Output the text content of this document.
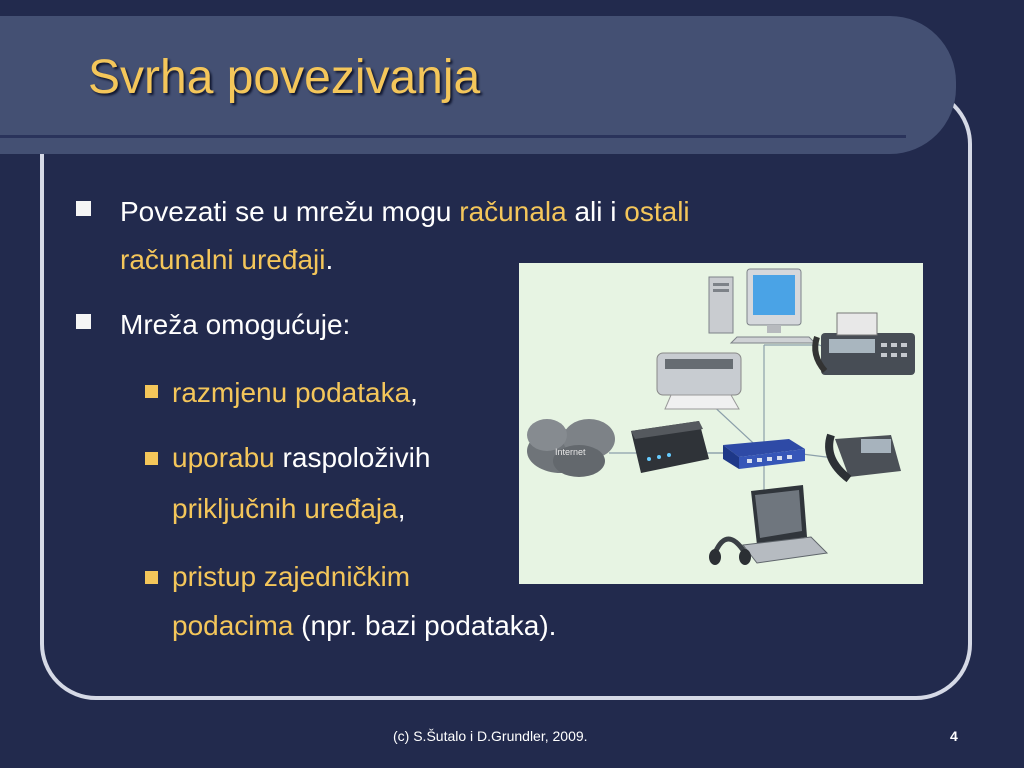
Svrha povezivanja
Povezati se u mrežu mogu računala ali i ostali
računalni uređaji.
Mreža omogućuje:
razmjenu podataka,
uporabu raspoloživih
priključnih uređaja,
pristup zajedničkim
podacima (npr. bazi podataka).
Internet
(c) S.Šutalo i D.Grundler, 2009.	4
